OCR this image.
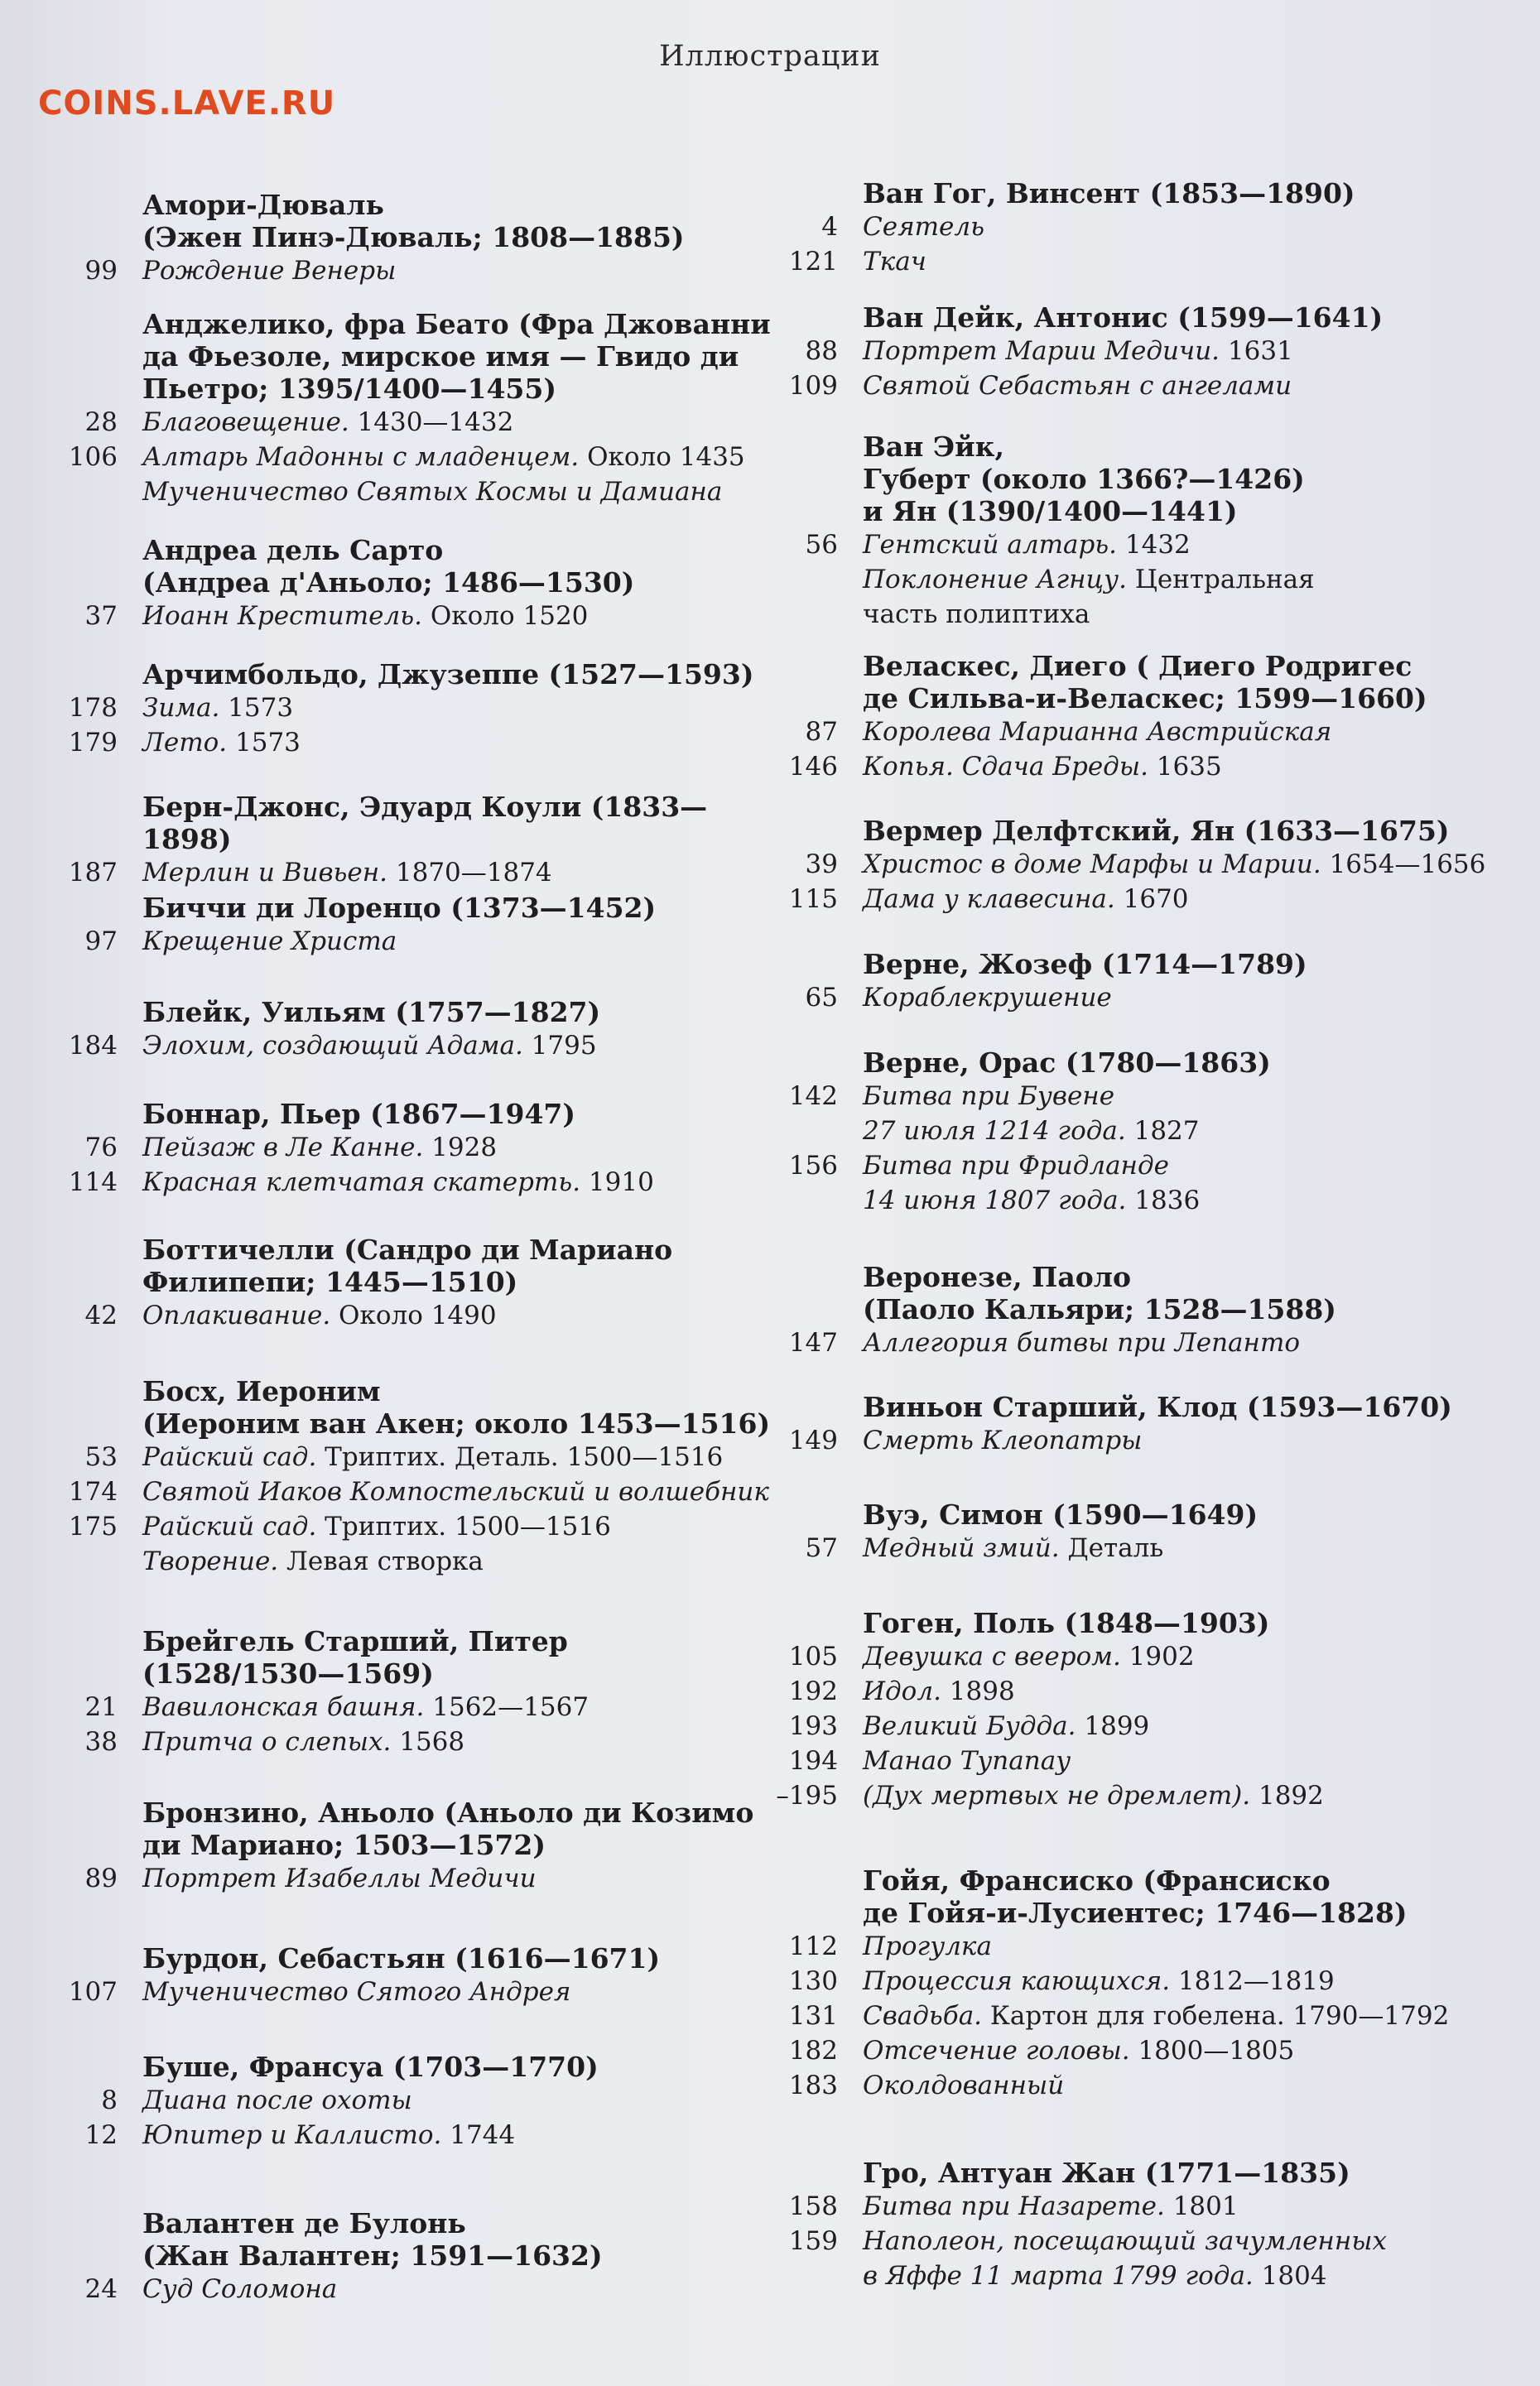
Иллюстрации
COINS.LAVE.RU
Амори-Дюваль
(Эжен Пинэ-Дюваль; 1808—1885)
99 Рождение Венеры
Анджелико, фра Беато (Фра Джованни
да Фьезоле, мирское имя — Гвидо ди
Пьетро; 1395/1400—1455)
28 Благовещение. 1430—1432
106 Алтарь Мадонны с младенцем. Около 1435
Мученичество Святых Космы и Дамиана
Андреа дель Сарто
(Андреа д'Аньоло; 1486—1530)
37 Иоанн Креститель. Около 1520
Арчимбольдо, Джузеппе (1527—1593)
178 Зима. 1573
179 Лето. 1573
Берн-Джонс, Эдуард Коули (1833—1898)
187 Мерлин и Вивьен. 1870—1874
Биччи ди Лоренцо (1373—1452)
97 Крещение Христа
Блейк, Уильям (1757—1827)
184 Элохим, создающий Адама. 1795
Боннар, Пьер (1867—1947)
76 Пейзаж в Ле Канне. 1928
114 Красная клетчатая скатерть. 1910
Боттичелли (Сандро ди Мариано
Филипепи; 1445—1510)
42 Оплакивание. Около 1490
Босх, Иероним
(Иероним ван Акен; около 1453—1516)
53 Райский сад. Триптих. Деталь. 1500—1516
174 Святой Иаков Компостельский и волшебник
175 Райский сад. Триптих. 1500—1516
Творение. Левая створка
Брейгель Старший, Питер
(1528/1530—1569)
21 Вавилонская башня. 1562—1567
38 Притча о слепых. 1568
Бронзино, Аньоло (Аньоло ди Козимо
ди Мариано; 1503—1572)
89 Портрет Изабеллы Медичи
Бурдон, Себастьян (1616—1671)
107 Мученичество Сятого Андрея
Буше, Франсуа (1703—1770)
8 Диана после охоты
12 Юпитер и Каллисто. 1744
Валантен де Булонь
(Жан Валантен; 1591—1632)
24 Суд Соломона
Ван Гог, Винсент (1853—1890)
4 Сеятель
121 Ткач
Ван Дейк, Антонис (1599—1641)
88 Портрет Марии Медичи. 1631
109 Святой Себастьян с ангелами
Ван Эйк,
Губерт (около 1366?—1426)
и Ян (1390/1400—1441)
56 Гентский алтарь. 1432
Поклонение Агнцу. Центральная
часть полиптиха
Веласкес, Диего ( Диего Родригес
де Сильва-и-Веласкес; 1599—1660)
87 Королева Марианна Австрийская
146 Копья. Сдача Бреды. 1635
Вермер Делфтский, Ян (1633—1675)
39 Христос в доме Марфы и Марии. 1654—1656
115 Дама у клавесина. 1670
Верне, Жозеф (1714—1789)
65 Кораблекрушение
Верне, Орас (1780—1863)
142 Битва при Бувене
27 июля 1214 года. 1827
156 Битва при Фридланде
14 июня 1807 года. 1836
Веронезе, Паоло
(Паоло Кальяри; 1528—1588)
147 Аллегория битвы при Лепанто
Виньон Старший, Клод (1593—1670)
149 Смерть Клеопатры
Вуэ, Симон (1590—1649)
57 Медный змий. Деталь
Гоген, Поль (1848—1903)
105 Девушка с веером. 1902
192 Идол. 1898
193 Великий Будда. 1899
194 Манао Тупапау
–195 (Дух мертвых не дремлет). 1892
Гойя, Франсиско (Франсиско
де Гойя-и-Лусиентес; 1746—1828)
112 Прогулка
130 Процессия кающихся. 1812—1819
131 Свадьба. Картон для гобелена. 1790—1792
182 Отсечение головы. 1800—1805
183 Околдованный
Гро, Антуан Жан (1771—1835)
158 Битва при Назарете. 1801
159 Наполеон, посещающий зачумленных
в Яффе 11 марта 1799 года. 1804
